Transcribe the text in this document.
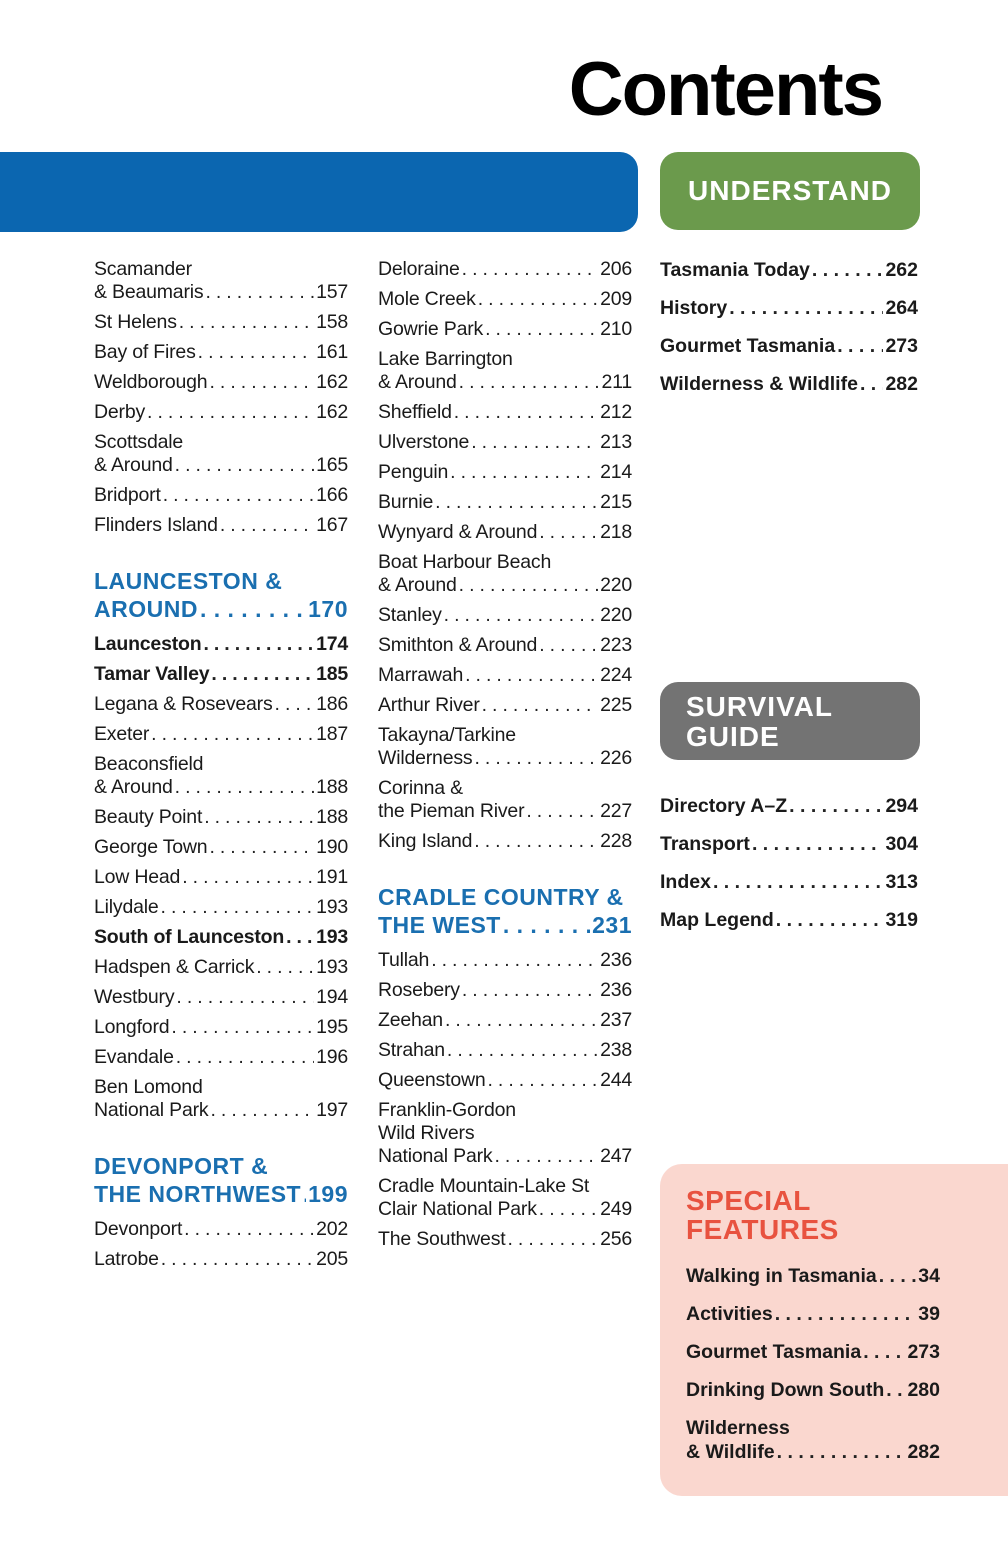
Contents
Scamander
& Beaumaris . . .	157
St Helens . . .	158
Bay of Fires . . .	161
Weldborough . . .	162
Derby . . .	162
Scottsdale
& Around . . .	165
Bridport . . .	166
Flinders Island . . .	167
LAUNCESTON &
AROUND . . .	170
Launceston . . .	174
Tamar Valley . . .	185
Legana & Rosevears . . . 186
Exeter . . .	187
Beaconsfield
& Around . . .	188
Beauty Point . . .	188
George Town . . .	190
Low Head . . .	191
Lilydale . . .	193
South of Launceston . . . 193
Hadspen & Carrick . . .	193
Westbury . . .	194
Longford . . .	195
Evandale . . .	196
Ben Lomond
National Park . . .	197
DEVONPORT &
THE NORTHWEST . . . 199
Devonport . . .	202
Latrobe . . .	205
Deloraine . . .	206
Mole Creek . . .	209
Gowrie Park . . .	210
Lake Barrington
& Around . . .	211
Sheffield . . .	212
Ulverstone . . .	213
Penguin . . .	214
Burnie . . .	215
Wynyard & Around . . .	218
Boat Harbour Beach
& Around . . .	220
Stanley . . .	220
Smithton & Around . . .	223
Marrawah . . .	224
Arthur River . . .	225
Takayna/Tarkine
Wilderness . . .	226
Corinna &
the Pieman River . . .	227
King Island . . .	228
CRADLE COUNTRY &
THE WEST . . .	231
Tullah . . .	236
Rosebery . . .	236
Zeehan . . .	237
Strahan . . .	238
Queenstown . . .	244
Franklin-Gordon
Wild Rivers
National Park . . .	247
Cradle Mountain-Lake St
Clair National Park . . .	249
The Southwest . . .	256
UNDERSTAND
Tasmania Today . . .	262
History . . .	264
Gourmet Tasmania . . .	273
Wilderness & Wildlife . . . 282
SURVIVAL
GUIDE
Directory A–Z . . .	294
Transport . . .	304
Index . . .	313
Map Legend . . .	319
SPECIAL
FEATURES
Walking in Tasmania . . . 34
Activities . . .	39
Gourmet Tasmania . . . 273
Drinking Down South . . . 280
Wilderness
& Wildlife . . .	282
